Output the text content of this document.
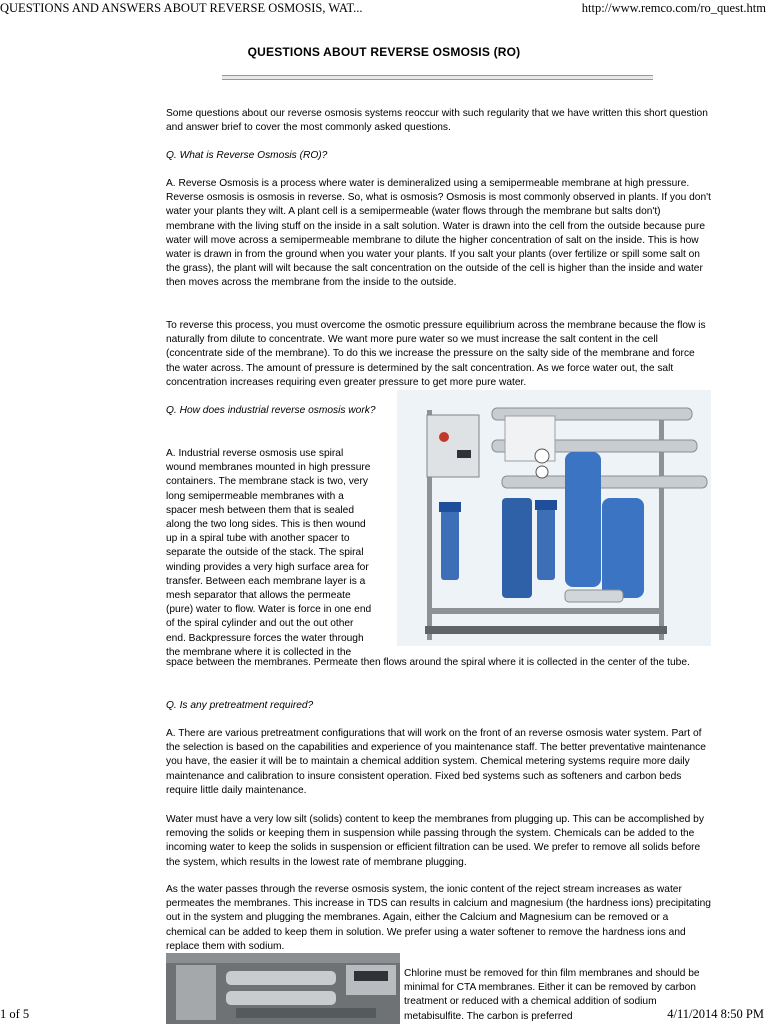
QUESTIONS AND ANSWERS ABOUT REVERSE OSMOSIS, WAT...	http://www.remco.com/ro_quest.htm
QUESTIONS ABOUT REVERSE OSMOSIS (RO)

Some questions about our reverse osmosis systems reoccur with such regularity that we have written this short question and answer brief to cover the most commonly asked questions.

Q. What is Reverse Osmosis (RO)?

A. Reverse Osmosis is a process where water is demineralized using a semipermeable membrane at high pressure. Reverse osmosis is osmosis in reverse. So, what is osmosis? Osmosis is most commonly observed in plants. If you don't water your plants they wilt. A plant cell is a semipermeable (water flows through the membrane but salts don't) membrane with the living stuff on the inside in a salt solution. Water is drawn into the cell from the outside because pure water will move across a semipermeable membrane to dilute the higher concentration of salt on the inside. This is how water is drawn in from the ground when you water your plants. If you salt your plants (over fertilize or spill some salt on the grass), the plant will wilt because the salt concentration on the outside of the cell is higher than the inside and water then moves across the membrane from the inside to the outside.

To reverse this process, you must overcome the osmotic pressure equilibrium across the membrane because the flow is naturally from dilute to concentrate. We want more pure water so we must increase the salt content in the cell (concentrate side of the membrane). To do this we increase the pressure on the salty side of the membrane and force the water across. The amount of pressure is determined by the salt concentration. As we force water out, the salt concentration increases requiring even greater pressure to get more pure water.

Q. How does industrial reverse osmosis work?

A. Industrial reverse osmosis use spiral wound membranes mounted in high pressure containers. The membrane stack is two, very long semipermeable membranes with a spacer mesh between them that is sealed along the two long sides. This is then wound up in a spiral tube with another spacer to separate the outside of the stack. The spiral winding provides a very high surface area for transfer. Between each membrane layer is a mesh separator that allows the permeate (pure) water to flow. Water is force in one end of the spiral cylinder and out the out other end. Backpressure forces the water through the membrane where it is collected in the

space between the membranes. Permeate then flows around the spiral where it is collected in the center of the tube.

Q. Is any pretreatment required?

A. There are various pretreatment configurations that will work on the front of an reverse osmosis water system. Part of the selection is based on the capabilities and experience of you maintenance staff. The better preventative maintenance you have, the easier it will be to maintain a chemical addition system. Chemical metering systems require more daily maintenance and calibration to insure consistent operation. Fixed bed systems such as softeners and carbon beds require little daily maintenance.

Water must have a very low silt (solids) content to keep the membranes from plugging up. This can be accomplished by removing the solids or keeping them in suspension while passing through the system. Chemicals can be added to the incoming water to keep the solids in suspension or efficient filtration can be used. We prefer to remove all solids before the system, which results in the lowest rate of membrane plugging.

As the water passes through the reverse osmosis system, the ionic content of the reject stream increases as water permeates the membranes. This increase in TDS can results in calcium and magnesium (the hardness ions) precipitating out in the system and plugging the membranes. Again, either the Calcium and Magnesium can be removed or a chemical can be added to keep them in solution. We prefer using a water softener to remove the hardness ions and replace them with sodium.

Chlorine must be removed for thin film membranes and should be minimal for CTA membranes. Either it can be removed by carbon treatment or reduced with a chemical addition of sodium metabisulfite. The carbon is preferred

1 of 5	4/11/2014 8:50 PM
